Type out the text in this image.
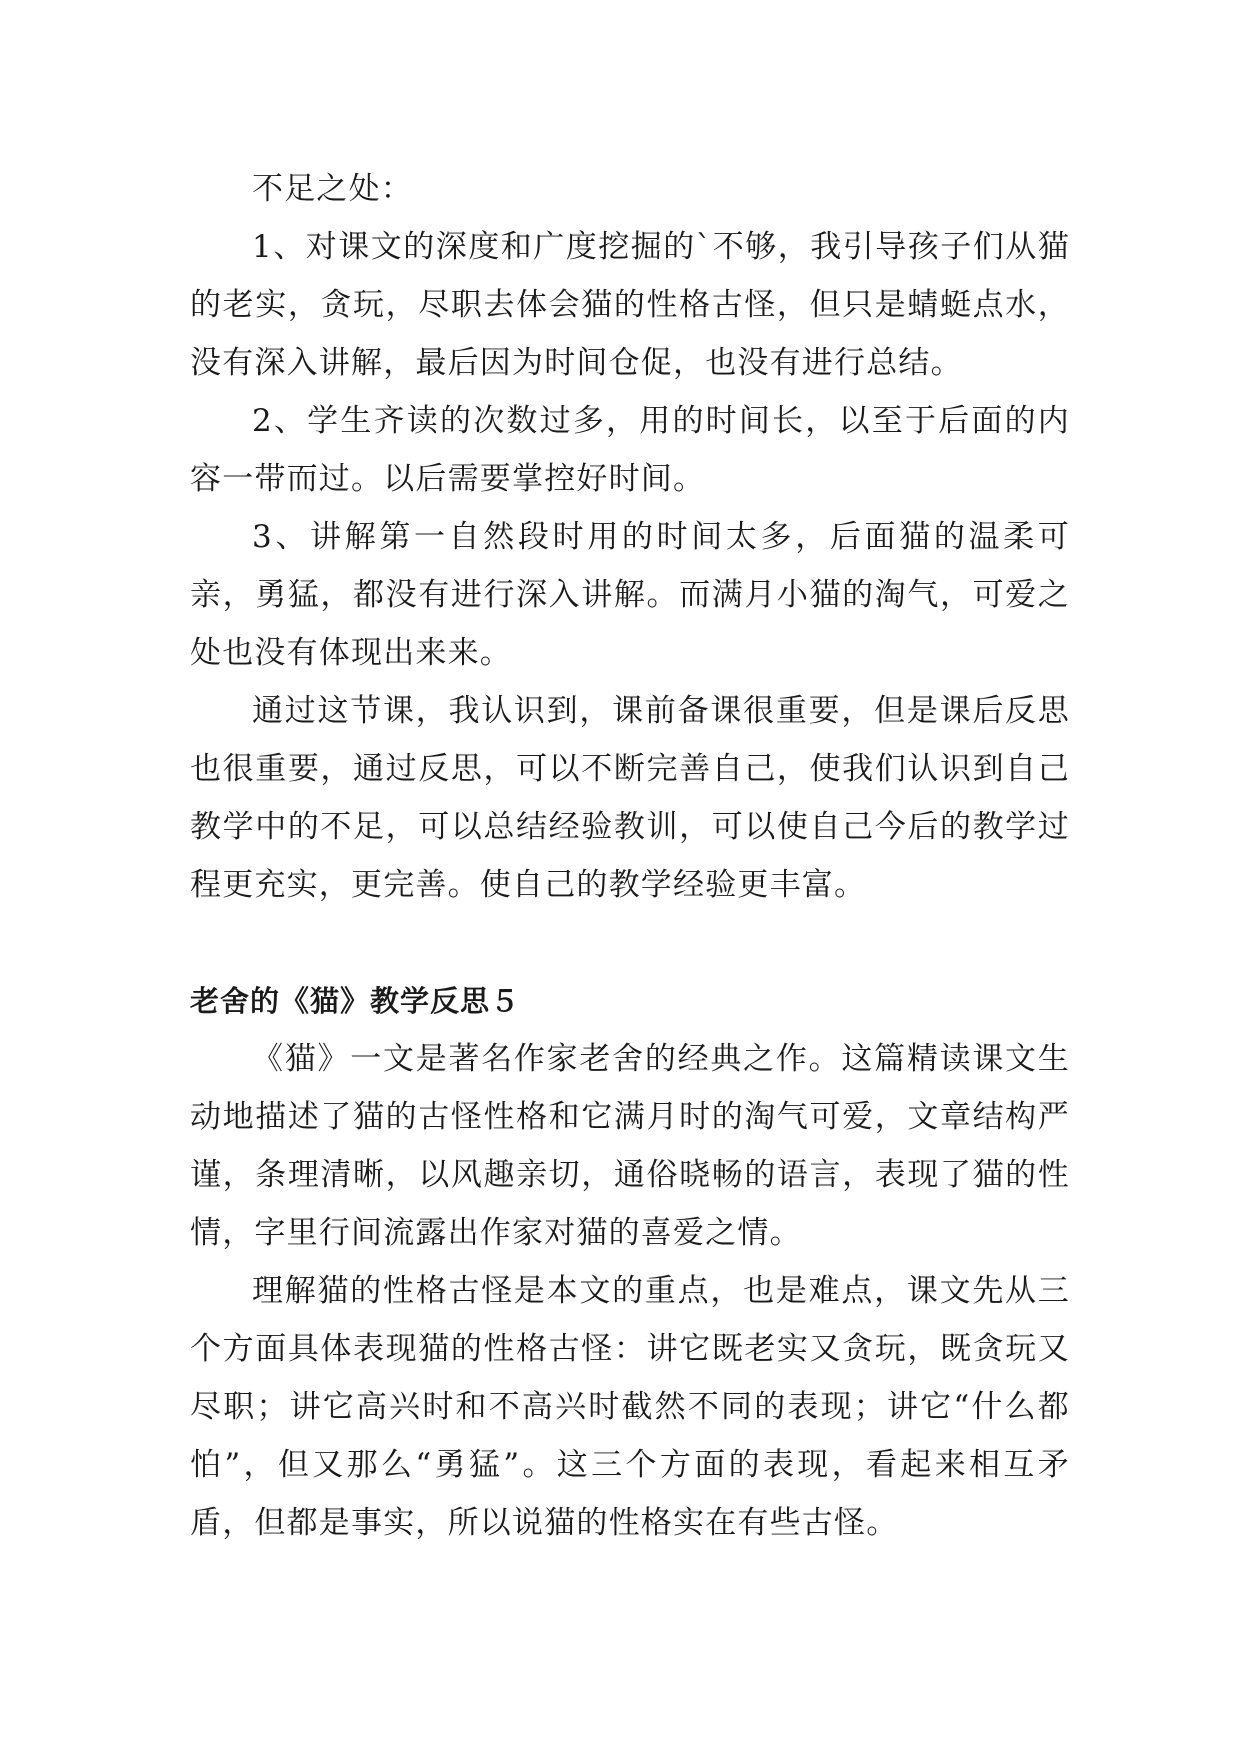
不足之处：

1、对课文的深度和广度挖掘的`不够，我引导孩子们从猫的老实，贪玩，尽职去体会猫的性格古怪，但只是蜻蜓点水，没有深入讲解，最后因为时间仓促，也没有进行总结。

2、学生齐读的次数过多，用的时间长，以至于后面的内容一带而过。以后需要掌控好时间。

3、讲解第一自然段时用的时间太多，后面猫的温柔可亲，勇猛，都没有进行深入讲解。而满月小猫的淘气，可爱之处也没有体现出来来。

通过这节课，我认识到，课前备课很重要，但是课后反思也很重要，通过反思，可以不断完善自己，使我们认识到自己教学中的不足，可以总结经验教训，可以使自己今后的教学过程更充实，更完善。使自己的教学经验更丰富。

老舍的《猫》教学反思５

《猫》一文是著名作家老舍的经典之作。这篇精读课文生动地描述了猫的古怪性格和它满月时的淘气可爱，文章结构严谨，条理清晰，以风趣亲切，通俗晓畅的语言，表现了猫的性情，字里行间流露出作家对猫的喜爱之情。

理解猫的性格古怪是本文的重点，也是难点，课文先从三个方面具体表现猫的性格古怪：讲它既老实又贪玩，既贪玩又尽职；讲它高兴时和不高兴时截然不同的表现；讲它“什么都怕”，但又那么“勇猛”。这三个方面的表现，看起来相互矛盾，但都是事实，所以说猫的性格实在有些古怪。
